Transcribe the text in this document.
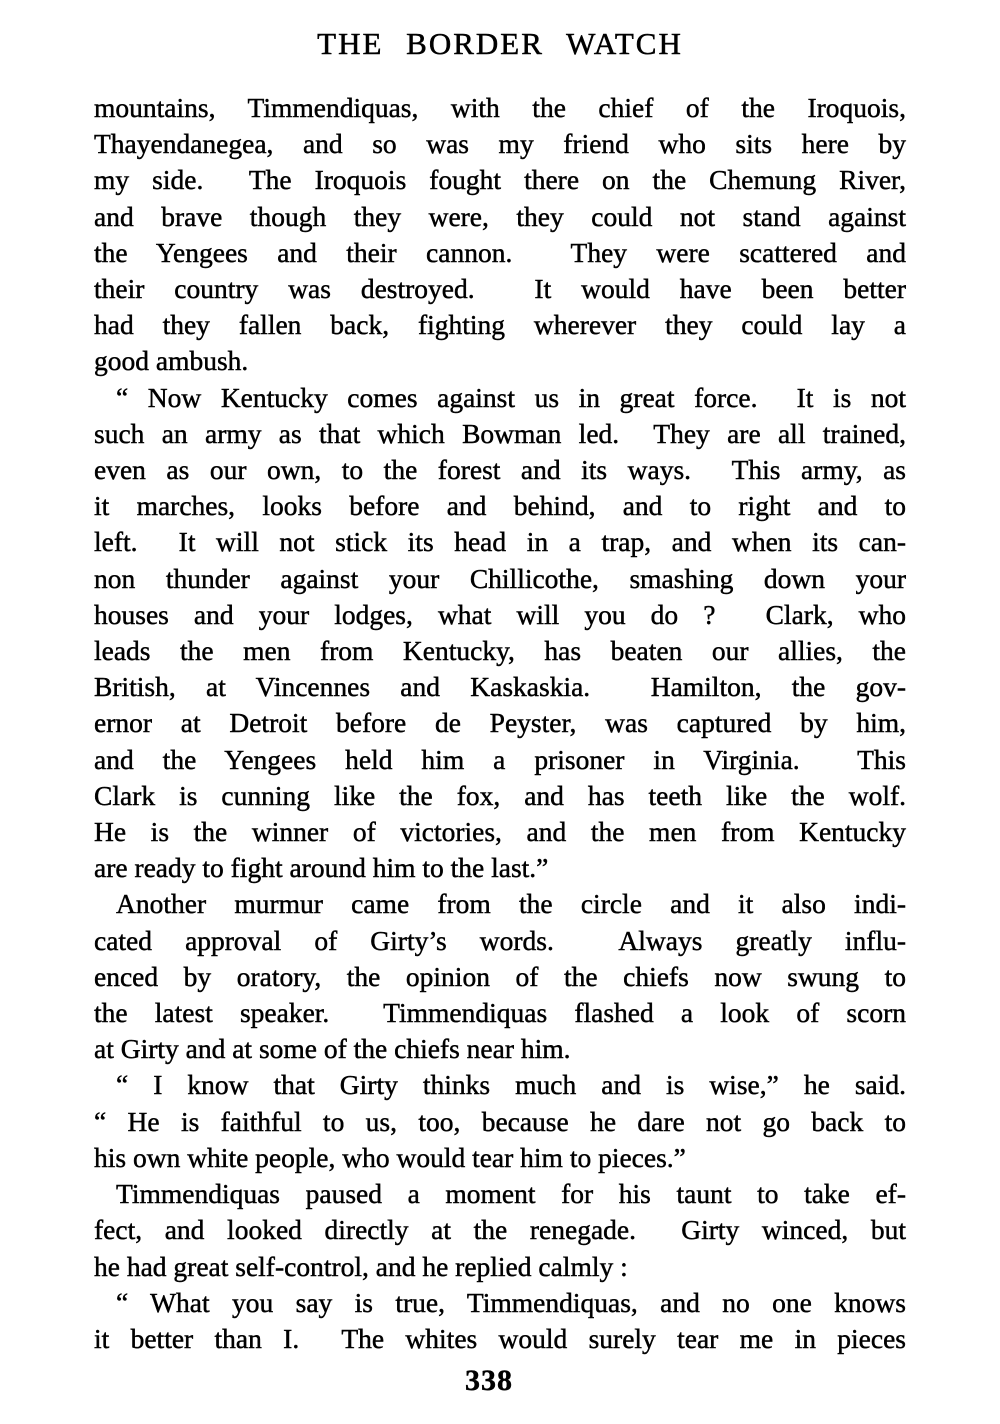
THE BORDER WATCH

mountains, Timmendiquas, with the chief of the Iroquois,
Thayendanegea, and so was my friend who sits here by
my side.  The Iroquois fought there on the Chemung River,
and brave though they were, they could not stand against
the Yengees and their cannon.  They were scattered and
their country was destroyed.  It would have been better
had they fallen back, fighting wherever they could lay a
good ambush.

“ Now Kentucky comes against us in great force.  It is not
such an army as that which Bowman led.  They are all trained,
even as our own, to the forest and its ways.  This army, as
it marches, looks before and behind, and to right and to
left.  It will not stick its head in a trap, and when its can-
non thunder against your Chillicothe, smashing down your
houses and your lodges, what will you do ?  Clark, who
leads the men from Kentucky, has beaten our allies, the
British, at Vincennes and Kaskaskia.  Hamilton, the gov-
ernor at Detroit before de Peyster, was captured by him,
and the Yengees held him a prisoner in Virginia.  This
Clark is cunning like the fox, and has teeth like the wolf.
He is the winner of victories, and the men from Kentucky
are ready to fight around him to the last.”

Another murmur came from the circle and it also indi-
cated approval of Girty’s words.  Always greatly influ-
enced by oratory, the opinion of the chiefs now swung to
the latest speaker.  Timmendiquas flashed a look of scorn
at Girty and at some of the chiefs near him.

“ I know that Girty thinks much and is wise,” he said.
“ He is faithful to us, too, because he dare not go back to
his own white people, who would tear him to pieces.”

Timmendiquas paused a moment for his taunt to take ef-
fect, and looked directly at the renegade.  Girty winced, but
he had great self-control, and he replied calmly :

“ What you say is true, Timmendiquas, and no one knows
it better than I.  The whites would surely tear me in pieces

338
